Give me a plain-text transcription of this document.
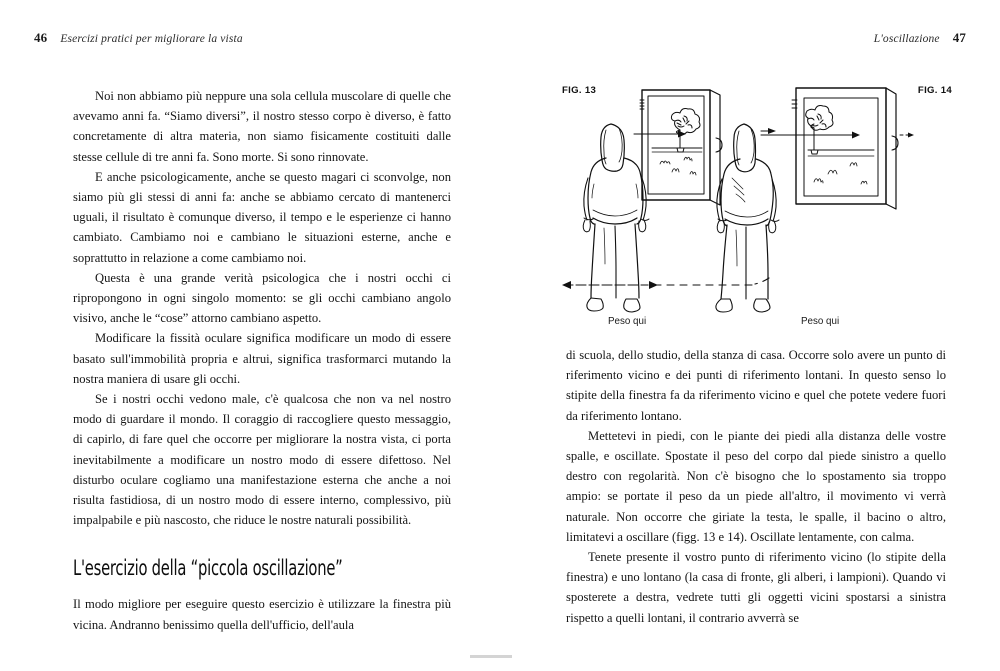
46 Esercizi pratici per migliorare la vista

Noi non abbiamo più neppure una sola cellula muscolare di quelle che avevamo anni fa. “Siamo diversi”, il nostro stesso corpo è diverso, è fatto concretamente di altra materia, non siamo fisicamente costituiti dalle stesse cellule di tre anni fa. Sono morte. Si sono rinnovate.

E anche psicologicamente, anche se questo magari ci sconvolge, non siamo più gli stessi di anni fa: anche se abbiamo cercato di mantenerci uguali, il risultato è comunque diverso, il tempo e le esperienze ci hanno cambiato. Cambiamo noi e cambiano le situazioni esterne, anche e soprattutto in relazione a come cambiamo noi.

Questa è una grande verità psicologica che i nostri occhi ci ripropongono in ogni singolo momento: se gli occhi cambiano angolo visivo, anche le “cose” attorno cambiano aspetto.

Modificare la fissità oculare significa modificare un modo di essere basato sull'immobilità propria e altrui, significa trasformarci mutando la nostra maniera di usare gli occhi.

Se i nostri occhi vedono male, c'è qualcosa che non va nel nostro modo di guardare il mondo. Il coraggio di raccogliere questo messaggio, di capirlo, di fare quel che occorre per migliorare la nostra vista, ci porta inevitabilmente a modificare un nostro modo di essere difettoso. Nel disturbo oculare cogliamo una manifestazione esterna che anche a noi risulta fastidiosa, di un nostro modo di essere interno, complessivo, più impalpabile e più nascosto, che riduce le nostre naturali possibilità.

L'esercizio della “piccola oscillazione”

Il modo migliore per eseguire questo esercizio è utilizzare la finestra più vicina. Andranno benissimo quella dell'ufficio, dell'aula

L'oscillazione 47
FIG. 13	FIG. 14
Peso qui	Peso qui

di scuola, dello studio, della stanza di casa. Occorre solo avere un punto di riferimento vicino e dei punti di riferimento lontani. In questo senso lo stipite della finestra fa da riferimento vicino e quel che potete vedere fuori da riferimento lontano.

Mettetevi in piedi, con le piante dei piedi alla distanza delle vostre spalle, e oscillate. Spostate il peso del corpo dal piede sinistro a quello destro con regolarità. Non c'è bisogno che lo spostamento sia troppo ampio: se portate il peso da un piede all'altro, il movimento vi verrà naturale. Non occorre che giriate la testa, le spalle, il bacino o altro, limitatevi a oscillare (figg. 13 e 14). Oscillate lentamente, con calma.

Tenete presente il vostro punto di riferimento vicino (lo stipite della finestra) e uno lontano (la casa di fronte, gli alberi, i lampioni). Quando vi sposterete a destra, vedrete tutti gli oggetti vicini spostarsi a sinistra rispetto a quelli lontani, il contrario avverrà se
